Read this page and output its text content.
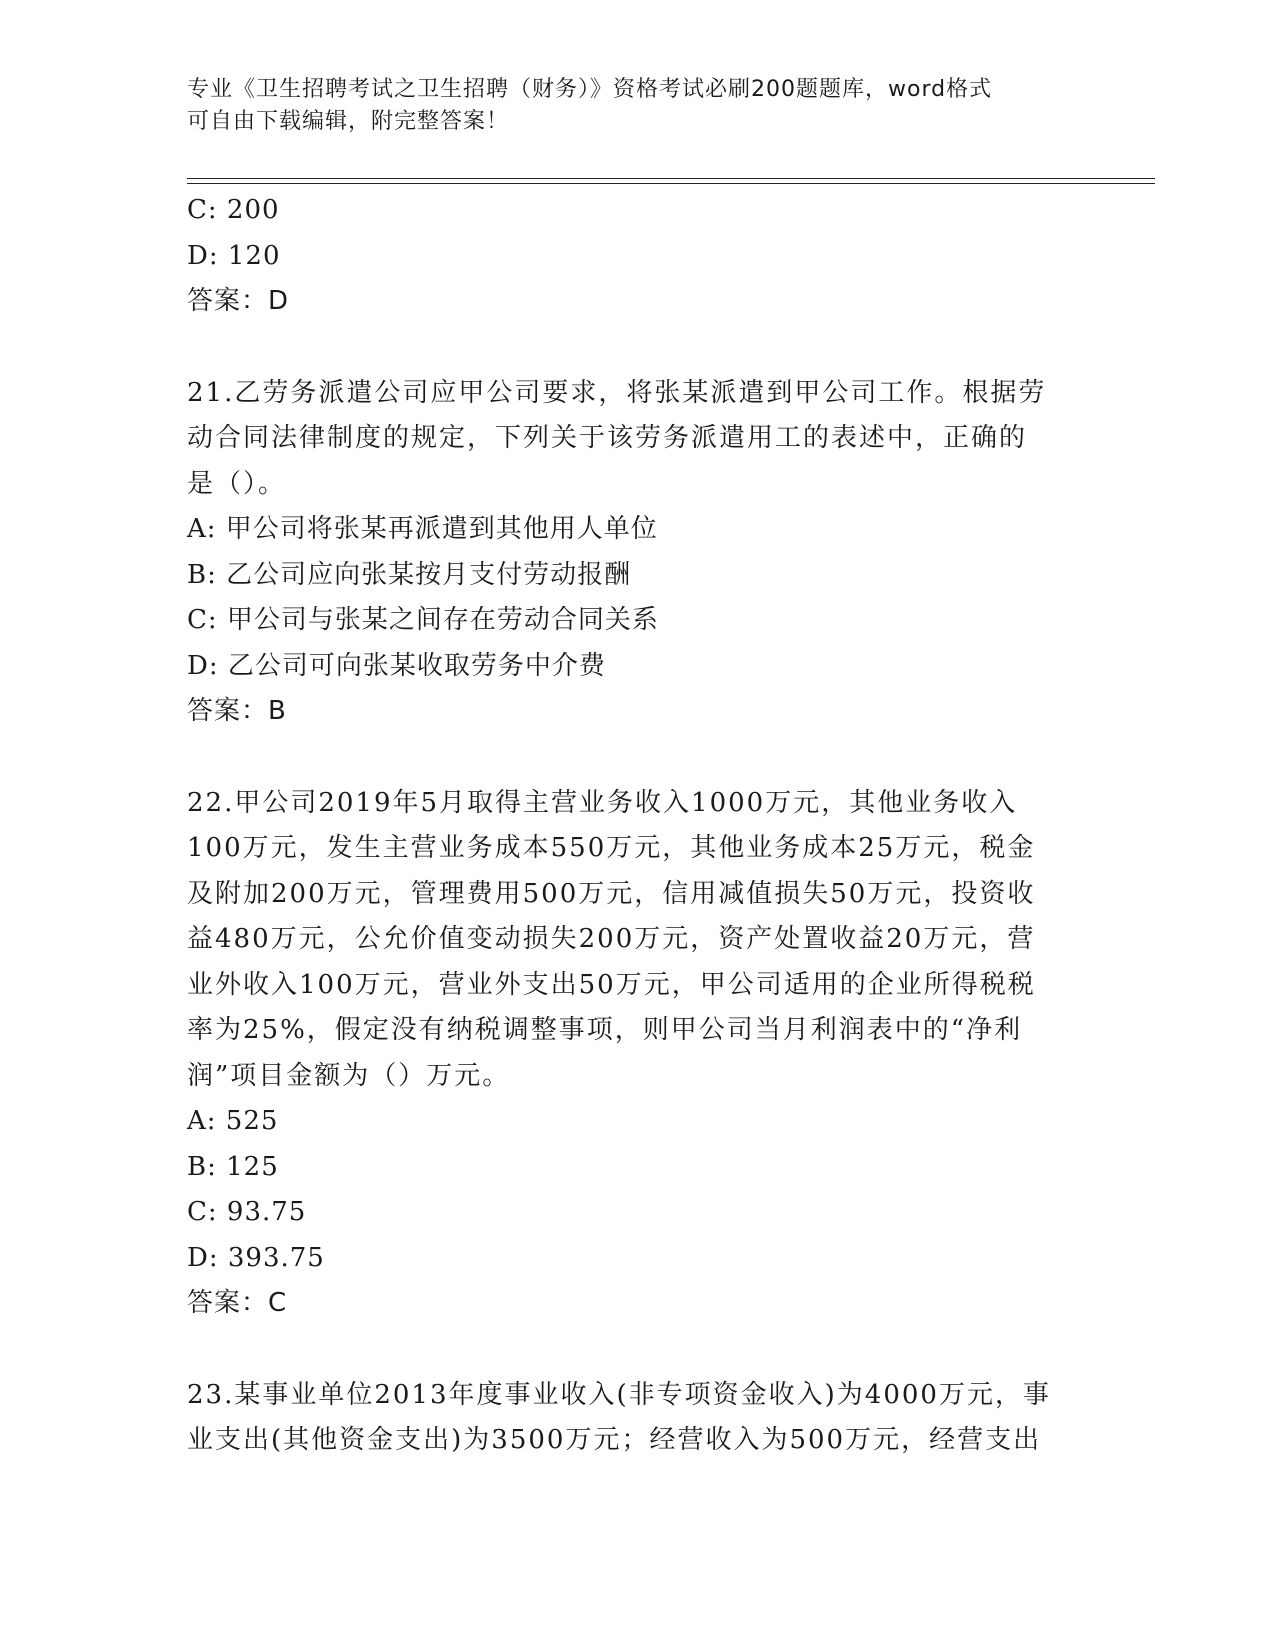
专业《卫生招聘考试之卫生招聘（财务）》资格考试必刷200题题库，word格式
可自由下载编辑，附完整答案！
C: 200
D: 120
答案：D
21.乙劳务派遣公司应甲公司要求，将张某派遣到甲公司工作。根据劳
动合同法律制度的规定，下列关于该劳务派遣用工的表述中，正确的
是（）。
A: 甲公司将张某再派遣到其他用人单位
B: 乙公司应向张某按月支付劳动报酬
C: 甲公司与张某之间存在劳动合同关系
D: 乙公司可向张某收取劳务中介费
答案：B
22.甲公司2019年5月取得主营业务收入1000万元，其他业务收入
100万元，发生主营业务成本550万元，其他业务成本25万元，税金
及附加200万元，管理费用500万元，信用减值损失50万元，投资收
益480万元，公允价值变动损失200万元，资产处置收益20万元，营
业外收入100万元，营业外支出50万元，甲公司适用的企业所得税税
率为25%，假定没有纳税调整事项，则甲公司当月利润表中的“净利
润”项目金额为（）万元。
A: 525
B: 125
C: 93.75
D: 393.75
答案：C
23.某事业单位2013年度事业收入(非专项资金收入)为4000万元，事
业支出(其他资金支出)为3500万元；经营收入为500万元，经营支出
